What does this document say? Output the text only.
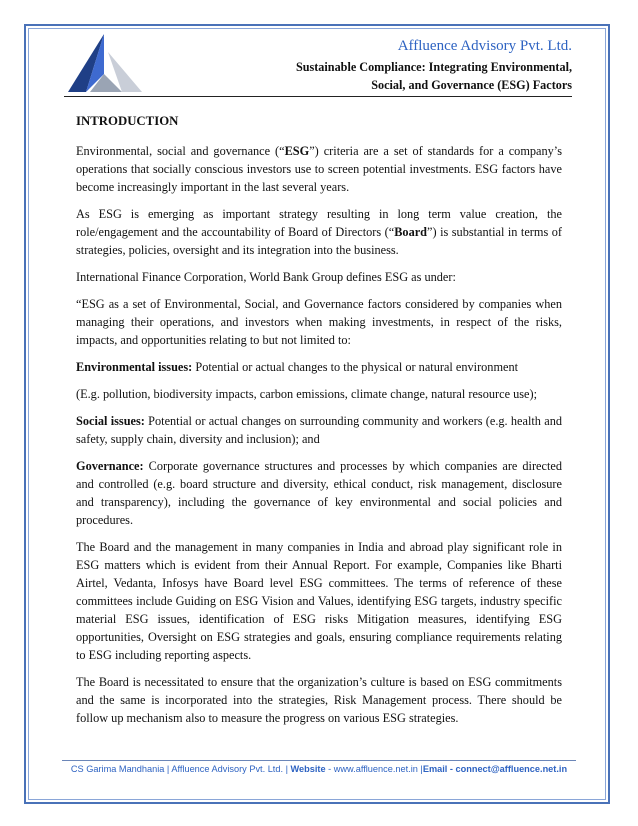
Affluence Advisory Pvt. Ltd.
Sustainable Compliance: Integrating Environmental,
Social, and Governance (ESG) Factors
INTRODUCTION

Environmental, social and governance (“ESG”) criteria are a set of standards for a company’s operations that socially conscious investors use to screen potential investments. ESG factors have become increasingly important in the last several years.

As ESG is emerging as important strategy resulting in long term value creation, the role/engagement and the accountability of Board of Directors (“Board”) is substantial in terms of strategies, policies, oversight and its integration into the business.

International Finance Corporation, World Bank Group defines ESG as under:

“ESG as a set of Environmental, Social, and Governance factors considered by companies when managing their operations, and investors when making investments, in respect of the risks, impacts, and opportunities relating to but not limited to:

Environmental issues: Potential or actual changes to the physical or natural environment

(E.g. pollution, biodiversity impacts, carbon emissions, climate change, natural resource use);

Social issues: Potential or actual changes on surrounding community and workers (e.g. health and safety, supply chain, diversity and inclusion); and

Governance: Corporate governance structures and processes by which companies are directed and controlled (e.g. board structure and diversity, ethical conduct, risk management, disclosure and transparency), including the governance of key environmental and social policies and procedures.

The Board and the management in many companies in India and abroad play significant role in ESG matters which is evident from their Annual Report. For example, Companies like Bharti Airtel, Vedanta, Infosys have Board level ESG committees. The terms of reference of these committees include Guiding on ESG Vision and Values, identifying ESG targets, industry specific material ESG issues, identification of ESG risks Mitigation measures, identifying ESG opportunities, Oversight on ESG strategies and goals, ensuring compliance requirements relating to ESG including reporting aspects.

The Board is necessitated to ensure that the organization’s culture is based on ESG commitments and the same is incorporated into the strategies, Risk Management process. There should be follow up mechanism also to measure the progress on various ESG strategies.

CS Garima Mandhania | Affluence Advisory Pvt. Ltd. | Website - www.affluence.net.in |Email - connect@affluence.net.in
